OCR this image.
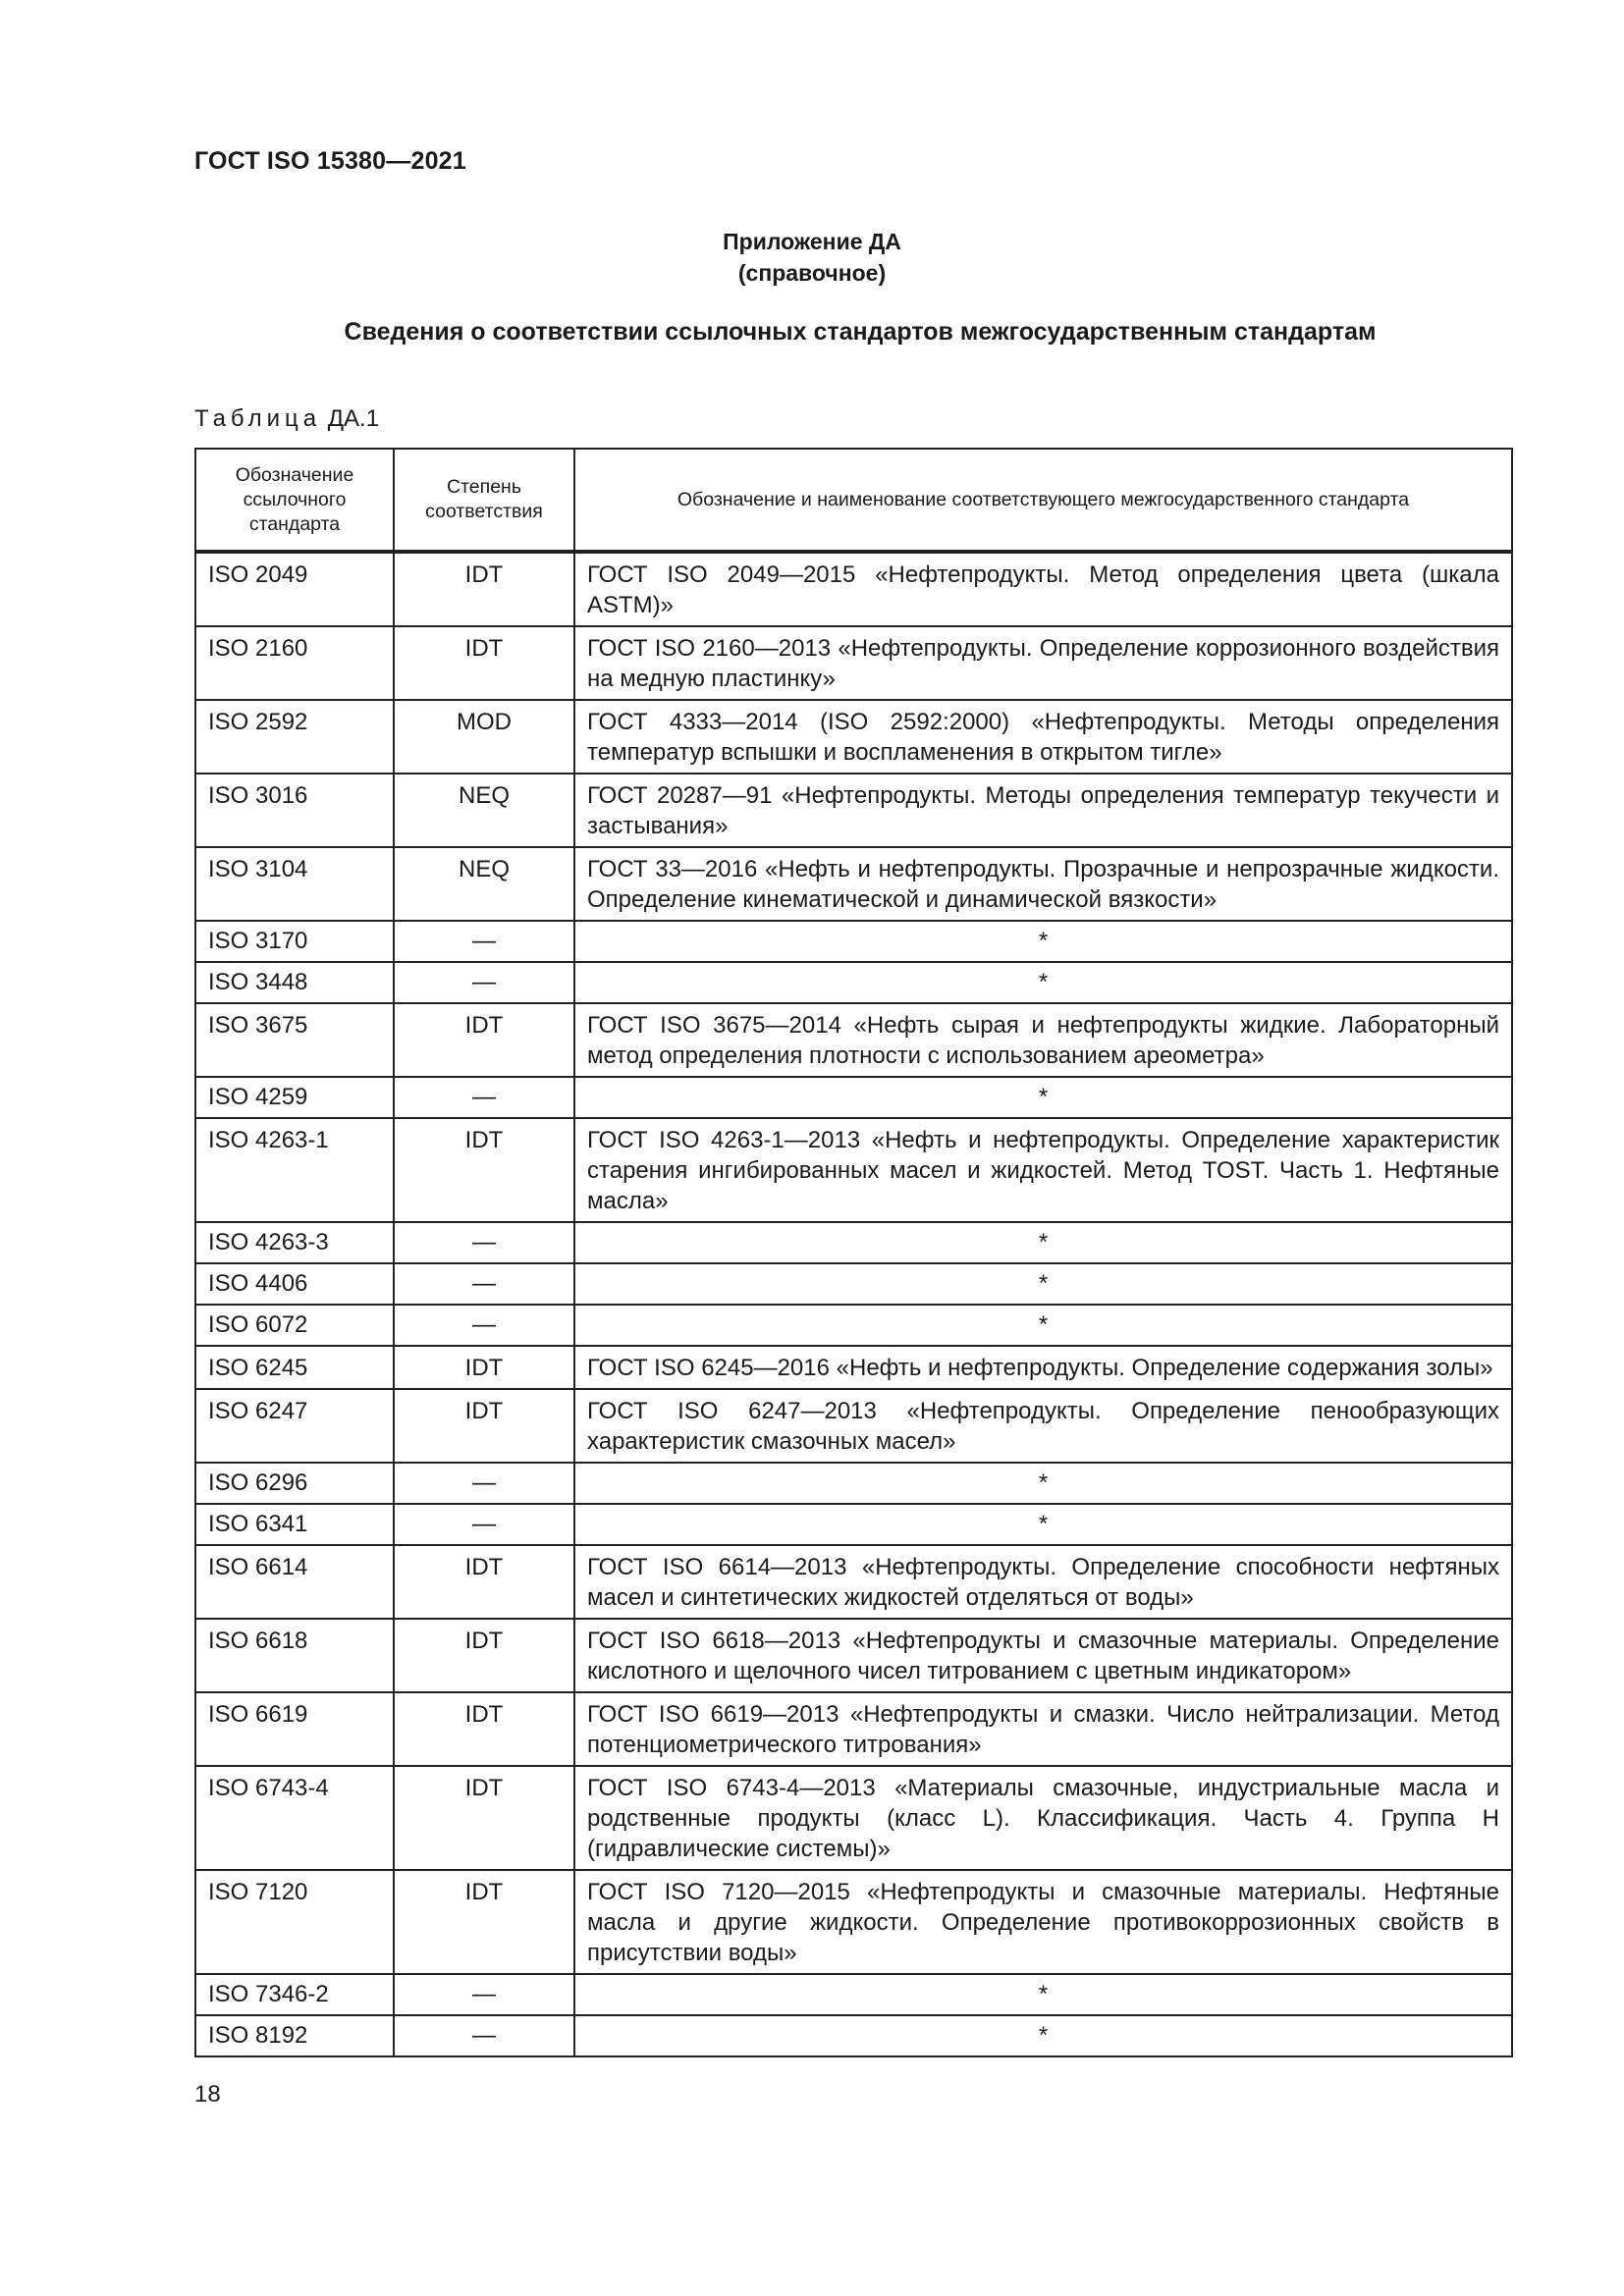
ГОСТ ISO 15380—2021
Приложение ДА
(справочное)
Сведения о соответствии ссылочных стандартов межгосударственным стандартам
Таблица ДА.1
Обозначение ссылочного стандарта	Степень соответствия	Обозначение и наименование соответствующего межгосударственного стандарта
ISO 2049	IDT	ГОСТ ISO 2049—2015 «Нефтепродукты. Метод определения цвета (шкала ASTM)»
ISO 2160	IDT	ГОСТ ISO 2160—2013 «Нефтепродукты. Определение коррозионного воздействия на медную пластинку»
ISO 2592	MOD	ГОСТ 4333—2014 (ISO 2592:2000) «Нефтепродукты. Методы определения температур вспышки и воспламенения в открытом тигле»
ISO 3016	NEQ	ГОСТ 20287—91 «Нефтепродукты. Методы определения температур текучести и застывания»
ISO 3104	NEQ	ГОСТ 33—2016 «Нефть и нефтепродукты. Прозрачные и непрозрачные жидкости. Определение кинематической и динамической вязкости»
ISO 3170	—	*
ISO 3448	—	*
ISO 3675	IDT	ГОСТ ISO 3675—2014 «Нефть сырая и нефтепродукты жидкие. Лабораторный метод определения плотности с использованием ареометра»
ISO 4259	—	*
ISO 4263-1	IDT	ГОСТ ISO 4263-1—2013 «Нефть и нефтепродукты. Определение характеристик старения ингибированных масел и жидкостей. Метод TOST. Часть 1. Нефтяные масла»
ISO 4263-3	—	*
ISO 4406	—	*
ISO 6072	—	*
ISO 6245	IDT	ГОСТ ISO 6245—2016 «Нефть и нефтепродукты. Определение содержания золы»
ISO 6247	IDT	ГОСТ ISO 6247—2013 «Нефтепродукты. Определение пенообразующих характеристик смазочных масел»
ISO 6296	—	*
ISO 6341	—	*
ISO 6614	IDT	ГОСТ ISO 6614—2013 «Нефтепродукты. Определение способности нефтяных масел и синтетических жидкостей отделяться от воды»
ISO 6618	IDT	ГОСТ ISO 6618—2013 «Нефтепродукты и смазочные материалы. Определение кислотного и щелочного чисел титрованием с цветным индикатором»
ISO 6619	IDT	ГОСТ ISO 6619—2013 «Нефтепродукты и смазки. Число нейтрализации. Метод потенциометрического титрования»
ISO 6743-4	IDT	ГОСТ ISO 6743-4—2013 «Материалы смазочные, индустриальные масла и родственные продукты (класс L). Классификация. Часть 4. Группа Н (гидравлические системы)»
ISO 7120	IDT	ГОСТ ISO 7120—2015 «Нефтепродукты и смазочные материалы. Нефтяные масла и другие жидкости. Определение противокоррозионных свойств в присутствии воды»
ISO 7346-2	—	*
ISO 8192	—	*
18
